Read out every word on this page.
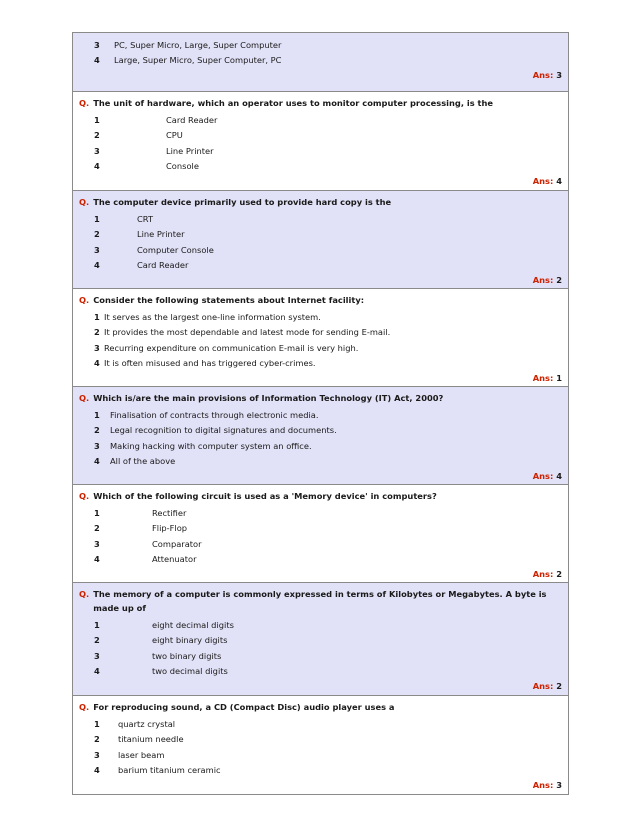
3	PC, Super Micro, Large, Super Computer
4	Large, Super Micro, Super Computer, PC
Ans: 3
Q. The unit of hardware, which an operator uses to monitor computer processing, is the
1	Card Reader
2	CPU
3	Line Printer
4	Console
Ans: 4
Q. The computer device primarily used to provide hard copy is the
1	CRT
2	Line Printer
3	Computer Console
4	Card Reader
Ans: 2
Q. Consider the following statements about Internet facility:
1 It serves as the largest one-line information system.
2 It provides the most dependable and latest mode for sending E-mail.
3 Recurring expenditure on communication E-mail is very high.
4 It is often misused and has triggered cyber-crimes.
Ans: 1
Q. Which is/are the main provisions of Information Technology (IT) Act, 2000?
1	Finalisation of contracts through electronic media.
2	Legal recognition to digital signatures and documents.
3	Making hacking with computer system an office.
4	All of the above
Ans: 4
Q. Which of the following circuit is used as a 'Memory device' in computers?
1	Rectifier
2	Flip-Flop
3	Comparator
4	Attenuator
Ans: 2
Q. The memory of a computer is commonly expressed in terms of Kilobytes or Megabytes. A byte is made up of
1	eight decimal digits
2	eight binary digits
3	two binary digits
4	two decimal digits
Ans: 2
Q. For reproducing sound, a CD (Compact Disc) audio player uses a
1	quartz crystal
2	titanium needle
3	laser beam
4	barium titanium ceramic
Ans: 3
